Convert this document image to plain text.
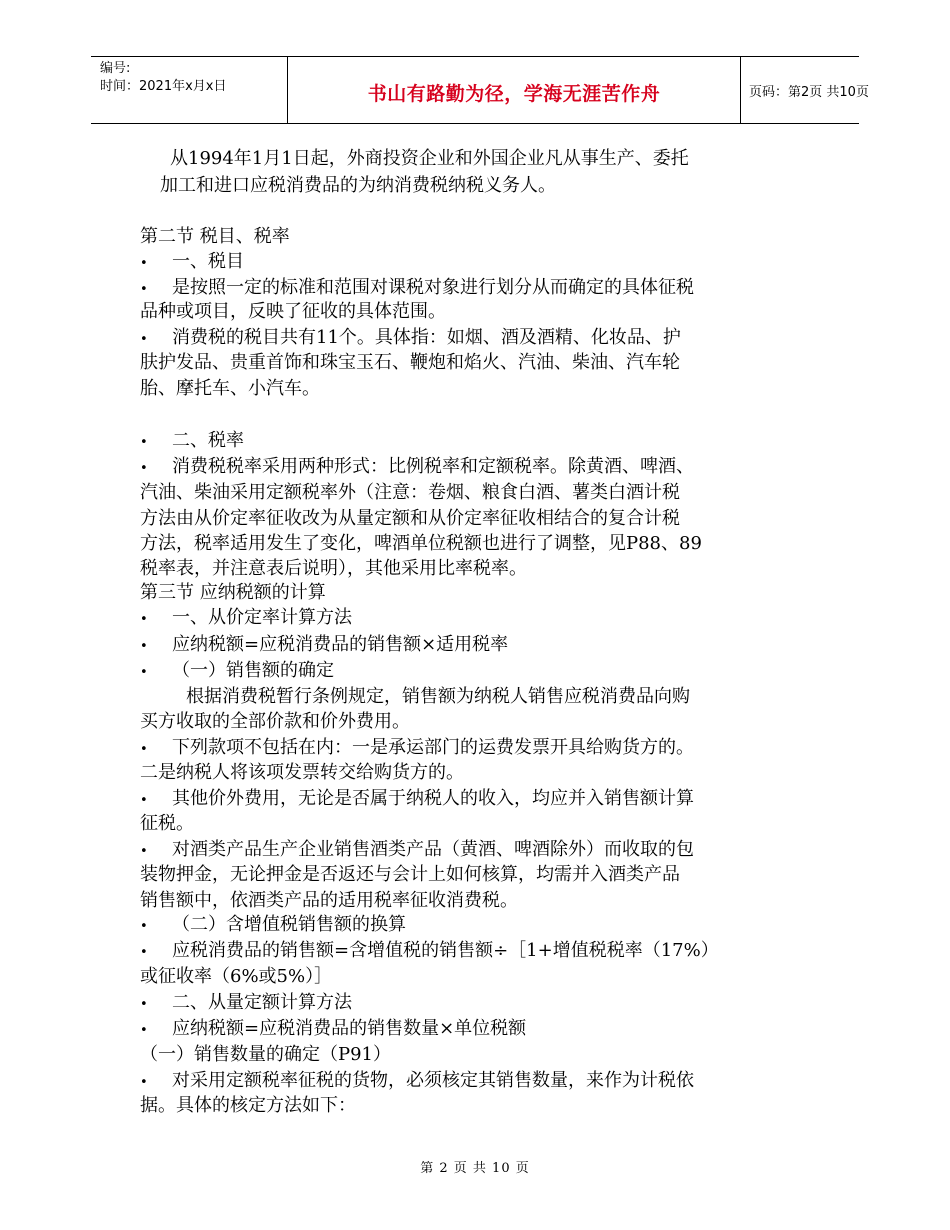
编号:
时间：2021年x月x日	书山有路勤为径，学海无涯苦作舟	页码：第2页 共10页
从1994年1月1日起，外商投资企业和外国企业凡从事生产、委托
加工和进口应税消费品的为纳消费税纳税义务人。
第二节 税目、税率
•
一、税目
•
是按照一定的标准和范围对课税对象进行划分从而确定的具体征税
品种或项目，反映了征收的具体范围。
•
消费税的税目共有11个。具体指：如烟、酒及酒精、化妆品、护
肤护发品、贵重首饰和珠宝玉石、鞭炮和焰火、汽油、柴油、汽车轮
胎、摩托车、小汽车。
•
二、税率
•
消费税税率采用两种形式：比例税率和定额税率。除黄酒、啤酒、
汽油、柴油采用定额税率外（注意：卷烟、粮食白酒、薯类白酒计税
方法由从价定率征收改为从量定额和从价定率征收相结合的复合计税
方法，税率适用发生了变化，啤酒单位税额也进行了调整，见P88、89
税率表，并注意表后说明），其他采用比率税率。
第三节 应纳税额的计算
•
一、从价定率计算方法
•
应纳税额=应税消费品的销售额×适用税率
•
（一）销售额的确定
根据消费税暂行条例规定，销售额为纳税人销售应税消费品向购
买方收取的全部价款和价外费用。
•
下列款项不包括在内：一是承运部门的运费发票开具给购货方的。
二是纳税人将该项发票转交给购货方的。
•
其他价外费用，无论是否属于纳税人的收入，均应并入销售额计算
征税。
•
对酒类产品生产企业销售酒类产品（黄酒、啤酒除外）而收取的包
装物押金，无论押金是否返还与会计上如何核算，均需并入酒类产品
销售额中，依酒类产品的适用税率征收消费税。
•
（二）含增值税销售额的换算
•
应税消费品的销售额=含增值税的销售额÷［1+增值税税率（17%）
或征收率（6%或5%）］
•
二、从量定额计算方法
•
应纳税额=应税消费品的销售数量×单位税额
（一）销售数量的确定（P91）
•
对采用定额税率征税的货物，必须核定其销售数量，来作为计税依
据。具体的核定方法如下：
第 2 页 共 10 页
